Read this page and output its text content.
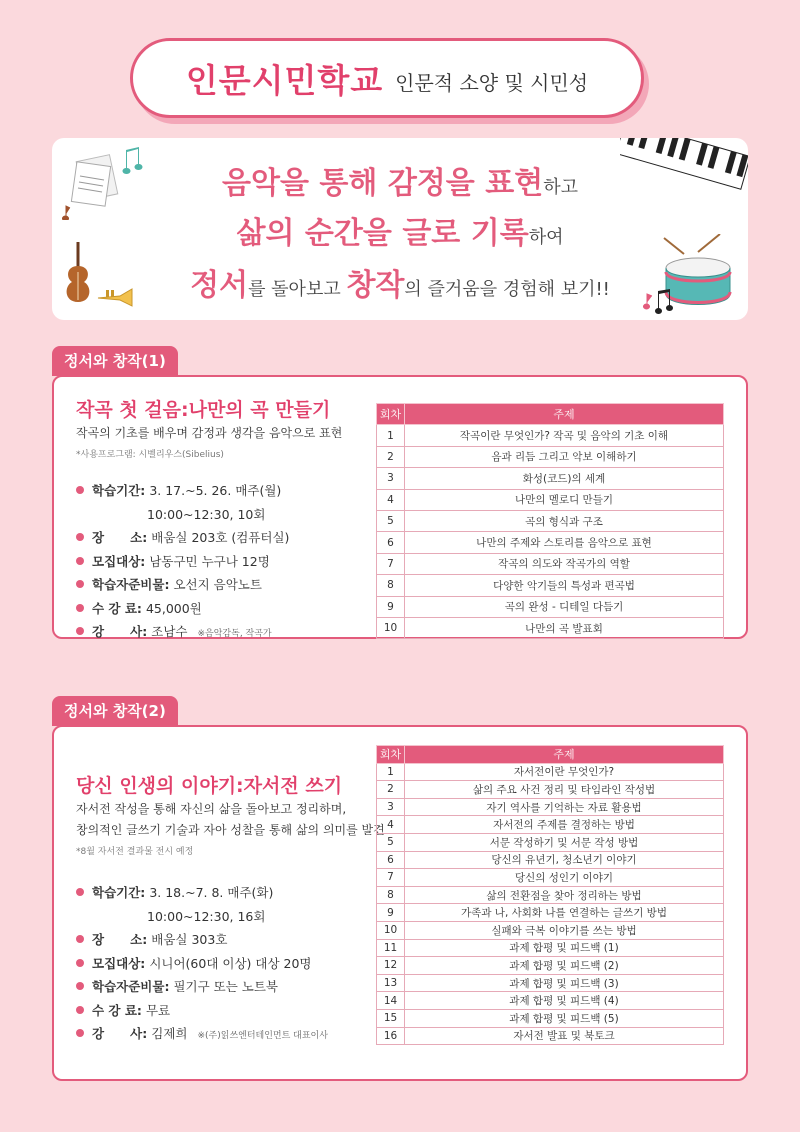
인문시민학교 인문적 소양 및 시민성
음악을 통해 감정을 표현하고
삶의 순간을 글로 기록하여
정서를 돌아보고 창작의 즐거움을 경험해 보기!!
정서와 창작(1)
작곡 첫 걸음:나만의 곡 만들기
작곡의 기초를 배우며 감정과 생각을 음악으로 표현
*사용프로그램: 시벨리우스(Sibelius)
학습기간: 3. 17.~5. 26. 매주(월)
10:00~12:30, 10회
장      소: 배움실 203호 (컴퓨터실)
모집대상: 남동구민 누구나 12명
학습자준비물: 오선지 음악노트
수 강 료: 45,000원
강      사: 조남수 ※음악감독, 작곡가
회차	주제
1	작곡이란 무엇인가? 작곡 및 음악의 기초 이해
2	음과 리듬 그리고 악보 이해하기
3	화성(코드)의 세계
4	나만의 멜로디 만들기
5	곡의 형식과 구조
6	나만의 주제와 스토리를 음악으로 표현
7	작곡의 의도와 작곡가의 역할
8	다양한 악기들의 특성과 편곡법
9	곡의 완성 - 디테일 다듬기
10	나만의 곡 발표회
정서와 창작(2)
당신 인생의 이야기:자서전 쓰기
자서전 작성을 통해 자신의 삶을 돌아보고 정리하며,
창의적인 글쓰기 기술과 자아 성찰을 통해 삶의 의미를 발견
*8월 자서전 결과물 전시 예정
학습기간: 3. 18.~7. 8. 매주(화)
10:00~12:30, 16회
장      소: 배움실 303호
모집대상: 시니어(60대 이상) 대상 20명
학습자준비물: 필기구 또는 노트북
수 강 료: 무료
강      사: 김제희 ※(주)읽쓰엔터테인먼트 대표이사
회차	주제
1	자서전이란 무엇인가?
2	삶의 주요 사건 정리 및 타임라인 작성법
3	자기 역사를 기억하는 자료 활용법
4	자서전의 주제를 결정하는 방법
5	서문 작성하기 및 서문 작성 방법
6	당신의 유년기, 청소년기 이야기
7	당신의 성인기 이야기
8	삶의 전환점을 찾아 정리하는 방법
9	가족과 나, 사회화 나를 연결하는 글쓰기 방법
10	실패와 극복 이야기를 쓰는 방법
11	과제 합평 및 피드백 (1)
12	과제 합평 및 피드백 (2)
13	과제 합평 및 피드백 (3)
14	과제 합평 및 피드백 (4)
15	과제 합평 및 피드백 (5)
16	자서전 발표 및 북토크
